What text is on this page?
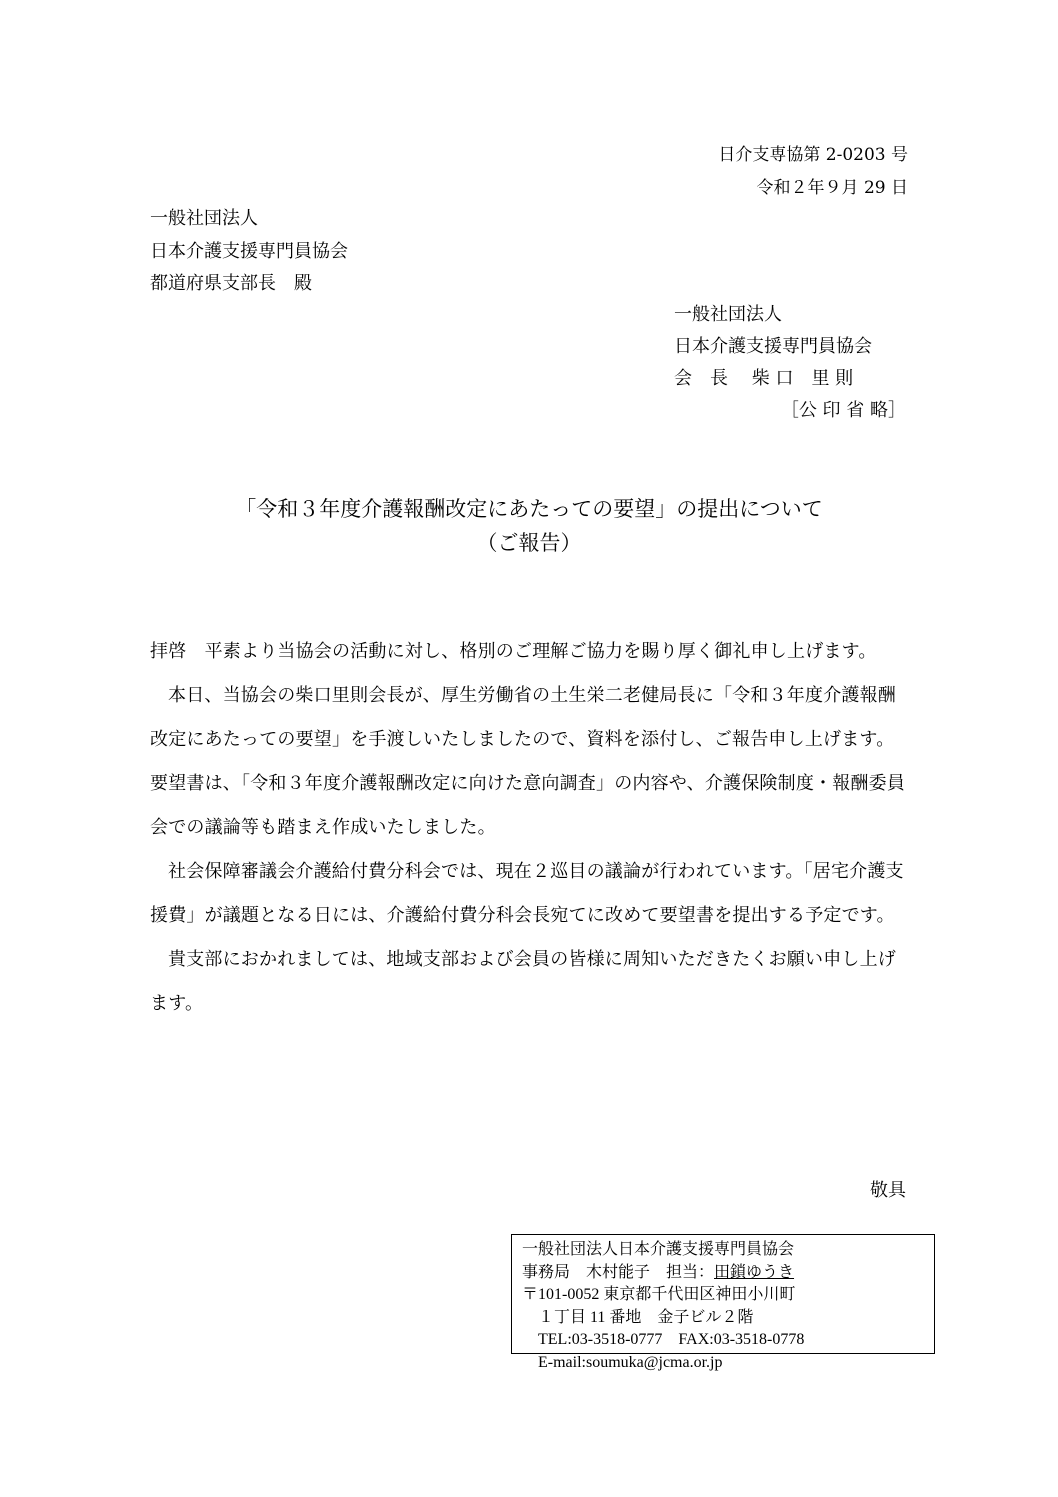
日介支専協第 2-0203 号
令和２年９月 29 日
一般社団法人
日本介護支援専門員協会
都道府県支部長　殿
一般社団法人
日本介護支援専門員協会
会　長　 柴 口　里 則
［公 印 省 略］
「令和３年度介護報酬改定にあたっての要望」の提出について
（ご報告）

拝啓　平素より当協会の活動に対し、格別のご理解ご協力を賜り厚く御礼申し上げます。

本日、当協会の柴口里則会長が、厚生労働省の土生栄二老健局長に「令和３年度介護報酬改定にあたっての要望」を手渡しいたしましたので、資料を添付し、ご報告申し上げます。要望書は、「令和３年度介護報酬改定に向けた意向調査」の内容や、介護保険制度・報酬委員会での議論等も踏まえ作成いたしました。

社会保障審議会介護給付費分科会では、現在２巡目の議論が行われています。「居宅介護支援費」が議題となる日には、介護給付費分科会長宛てに改めて要望書を提出する予定です。

貴支部におかれましては、地域支部および会員の皆様に周知いただきたくお願い申し上げます。

敬具
一般社団法人日本介護支援専門員協会
事務局　木村能子　担当：田鎖ゆうき
〒101-0052 東京都千代田区神田小川町
１丁目 11 番地　金子ビル２階
TEL:03-3518-0777　FAX:03-3518-0778
E-mail:soumuka@jcma.or.jp
